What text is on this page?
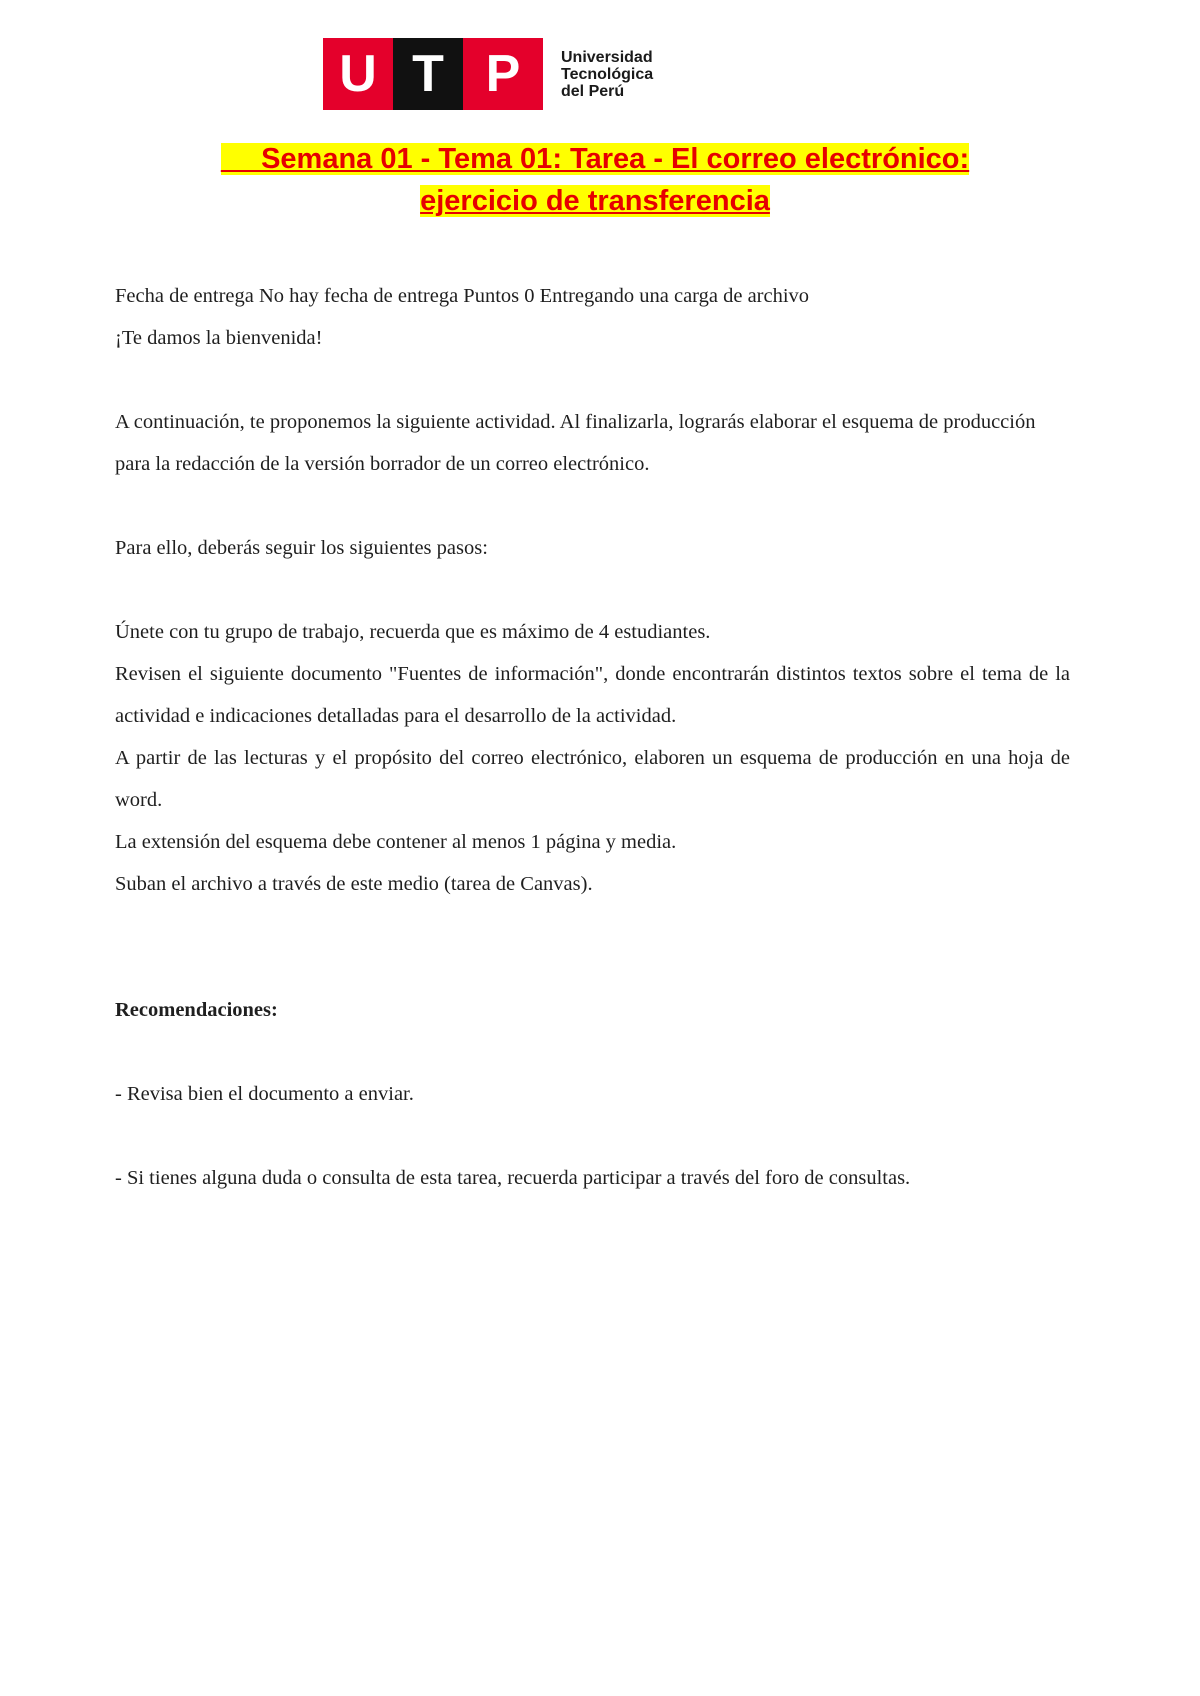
U T P	Universidad
Tecnológica
del Perú
Semana 01 - Tema 01: Tarea - El correo electrónico:
ejercicio de transferencia

Fecha de entrega No hay fecha de entrega Puntos 0 Entregando una carga de archivo

¡Te damos la bienvenida!

A continuación, te proponemos la siguiente actividad. Al finalizarla, lograrás elaborar el esquema de producción para la redacción de la versión borrador de un correo electrónico.

Para ello, deberás seguir los siguientes pasos:

Únete con tu grupo de trabajo, recuerda que es máximo de 4 estudiantes.

Revisen el siguiente documento "Fuentes de información", donde encontrarán distintos textos sobre el tema de la actividad e indicaciones detalladas para el desarrollo de la actividad.

A partir de las lecturas y el propósito del correo electrónico, elaboren un esquema de producción en una hoja de word.

La extensión del esquema debe contener al menos 1 página y media.

Suban el archivo a través de este medio (tarea de Canvas).

Recomendaciones:

- Revisa bien el documento a enviar.

- Si tienes alguna duda o consulta de esta tarea, recuerda participar a través del foro de consultas.
